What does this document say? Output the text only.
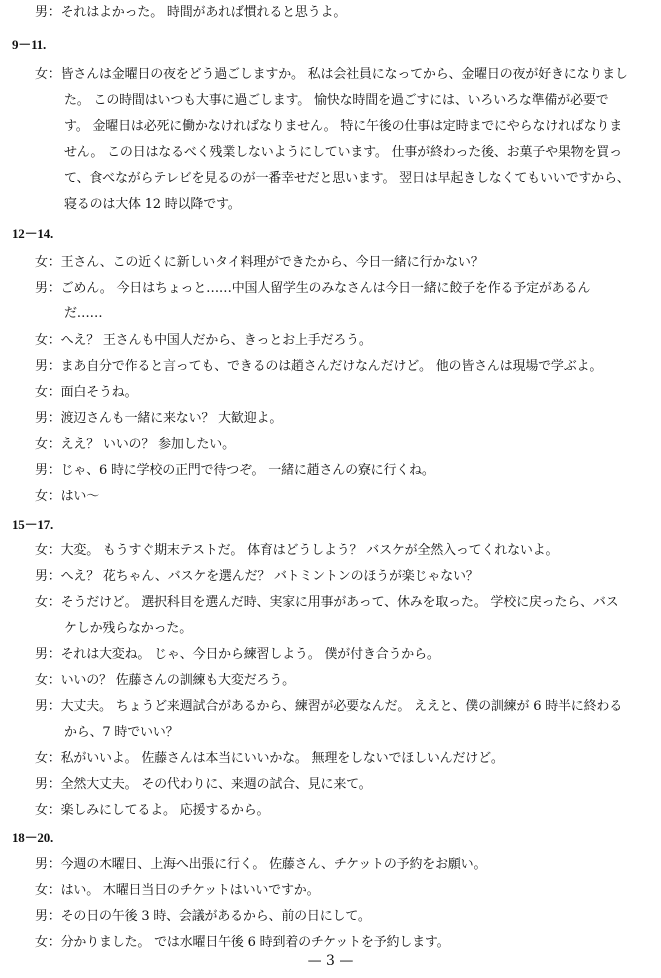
男：それはよかった。 時間があれば慣れると思うよ。
9－11.
女：皆さんは金曜日の夜をどう過ごしますか。 私は会社員になってから、金曜日の夜が好きになりまし
た。 この時間はいつも大事に過ごします。 愉快な時間を過ごすには、いろいろな準備が必要で
す。 金曜日は必死に働かなければなりません。 特に午後の仕事は定時までにやらなければなりま
せん。 この日はなるべく残業しないようにしています。 仕事が終わった後、お菓子や果物を買っ
て、食べながらテレビを見るのが一番幸せだと思います。 翌日は早起きしなくてもいいですから、
寝るのは大体 12 時以降です。
12－14.
女：王さん、この近くに新しいタイ料理ができたから、今日一緒に行かない？
男：ごめん。 今日はちょっと……中国人留学生のみなさんは今日一緒に餃子を作る予定があるん
だ……
女：へえ？ 王さんも中国人だから、きっとお上手だろう。
男：まあ自分で作ると言っても、できるのは趙さんだけなんだけど。 他の皆さんは現場で学ぶよ。
女：面白そうね。
男：渡辺さんも一緒に来ない？ 大歓迎よ。
女：ええ？ いいの？ 参加したい。
男：じゃ、6 時に学校の正門で待つぞ。 一緒に趙さんの寮に行くね。
女：はい～
15－17.
女：大変。 もうすぐ期末テストだ。 体育はどうしよう？ バスケが全然入ってくれないよ。
男：へえ？ 花ちゃん、バスケを選んだ？ バトミントンのほうが楽じゃない？
女：そうだけど。 選択科目を選んだ時、実家に用事があって、休みを取った。 学校に戻ったら、バス
ケしか残らなかった。
男：それは大変ね。 じゃ、今日から練習しよう。 僕が付き合うから。
女：いいの？ 佐藤さんの訓練も大変だろう。
男：大丈夫。 ちょうど来週試合があるから、練習が必要なんだ。 ええと、僕の訓練が 6 時半に終わる
から、7 時でいい？
女：私がいいよ。 佐藤さんは本当にいいかな。 無理をしないでほしいんだけど。
男：全然大丈夫。 その代わりに、来週の試合、見に来て。
女：楽しみにしてるよ。 応援するから。
18－20.
男：今週の木曜日、上海へ出張に行く。 佐藤さん、チケットの予約をお願い。
女：はい。 木曜日当日のチケットはいいですか。
男：その日の午後 3 時、会議があるから、前の日にして。
女：分かりました。 では水曜日午後 6 時到着のチケットを予約します。
— 3 —
